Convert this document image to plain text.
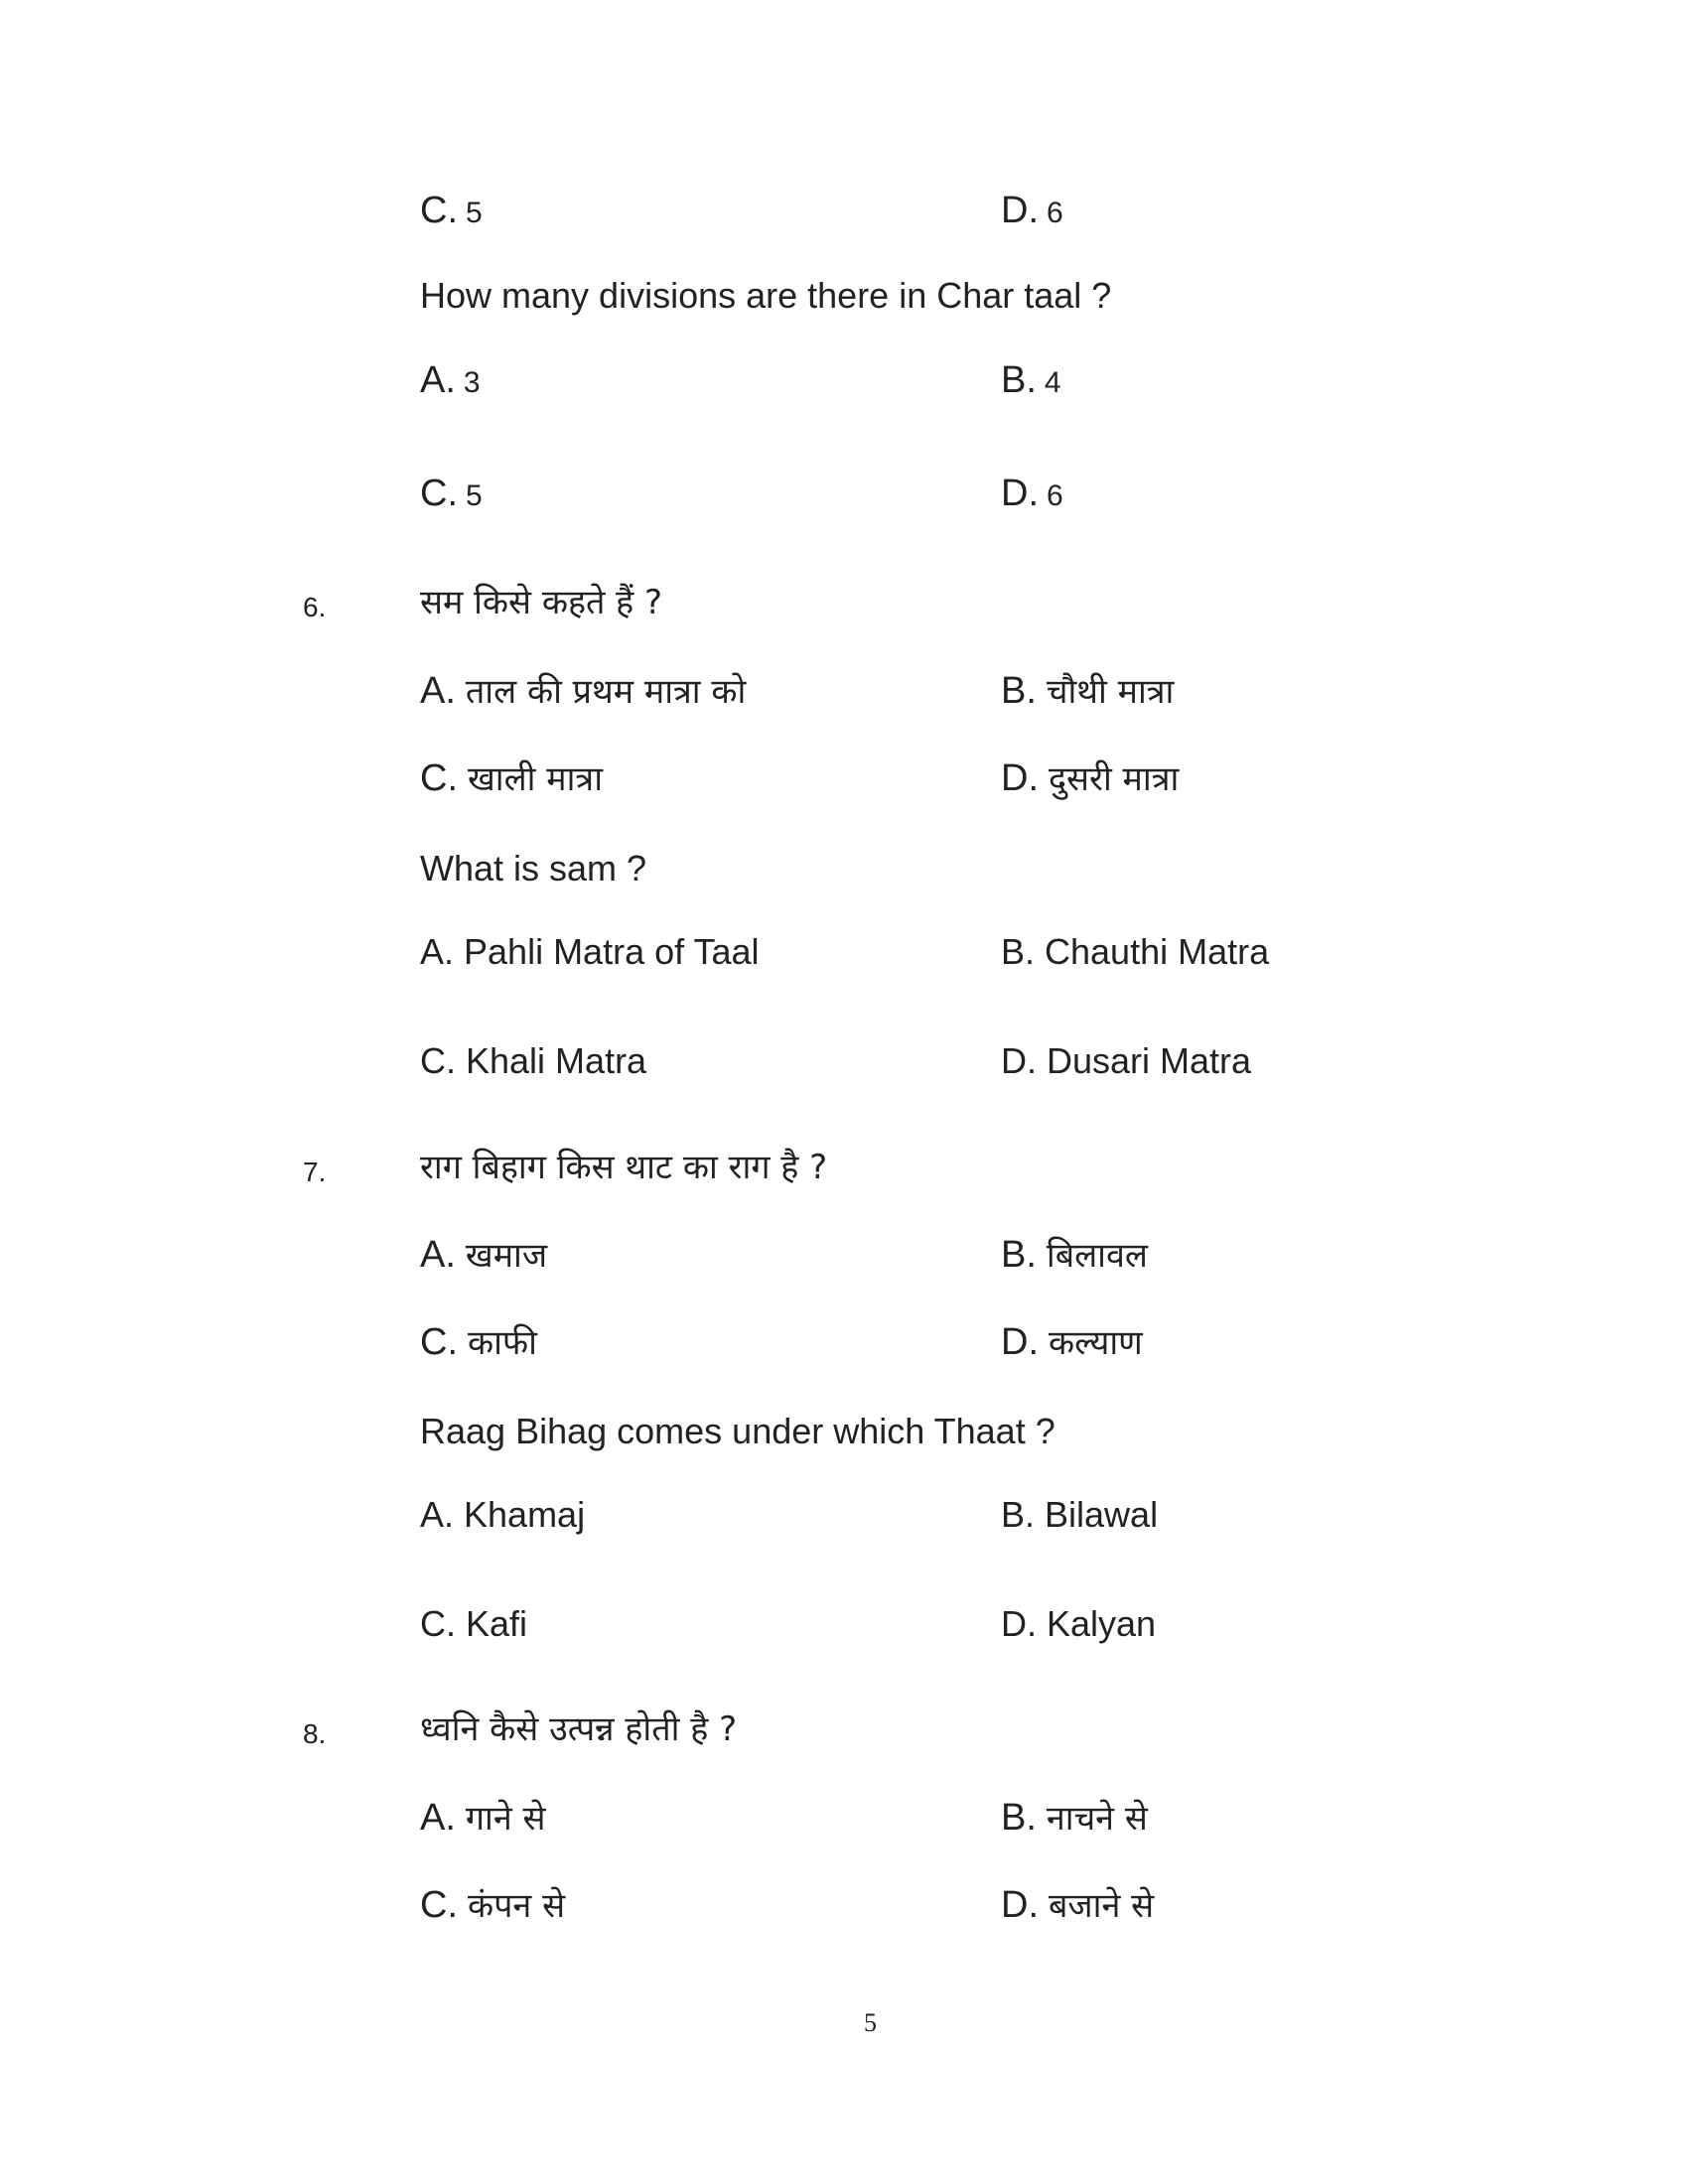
C. 5	D. 6
How many divisions are there in Char taal ?
A. 3	B. 4
C. 5	D. 6
6.	सम किसे कहते हैं ?
A. ताल की प्रथम मात्रा को	B. चौथी मात्रा
C. खाली मात्रा	D. दुसरी मात्रा
What is sam ?
A. Pahli Matra of Taal	B. Chauthi Matra
C. Khali Matra	D. Dusari Matra
7.	राग बिहाग किस थाट का राग है ?
A. खमाज	B. बिलावल
C. काफी	D. कल्याण
Raag Bihag comes under which Thaat ?
A. Khamaj	B. Bilawal
C. Kafi	D. Kalyan
8.	ध्वनि कैसे उत्पन्न होती है ?
A. गाने से	B. नाचने से
C. कंपन से	D. बजाने से
5
